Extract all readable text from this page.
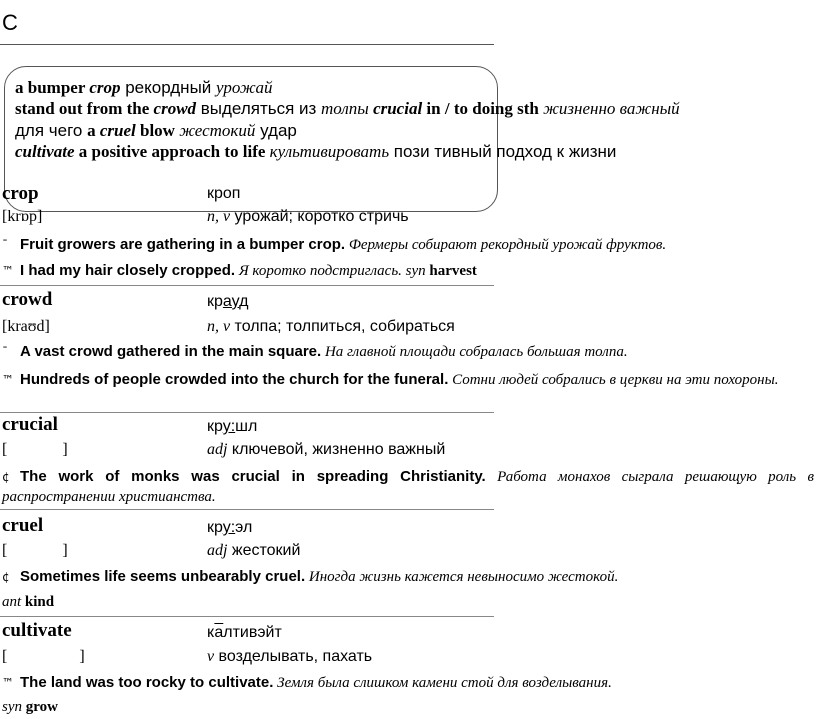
C
a bumper crop рекордный урожай
stand out from the crowd выделяться из толпы crucial in / to doing sth жизненно важный
для чего a cruel blow жестокий удар
cultivate a positive approach to life культивировать пози тивный подход к жизни
crop	кроп
[krɒp]	n, v урожай; коротко стричь
ˉ Fruit growers are gathering in a bumper crop. Фермеры собирают рекордный урожай фруктов.
™ I had my hair closely cropped. Я коротко подстриглась. syn harvest
crowd	крауд
[kraʊd]	n, v толпа; толпиться, собираться
ˉ A vast crowd gathered in the main square. На главной площади собралась большая толпа.
™ Hundreds of people crowded into the church for the funeral. Сотни людей собрались в церкви на эти похороны.
crucial	кру:шл
[	]	adj ключевой, жизненно важный
¢ The work of monks was crucial in spreading Christianity. Работа монахов сыграла решающую роль в распространении христианства.
cruel	кру:эл
[	]	adj жестокий
¢ Sometimes life seems unbearably cruel. Иногда жизнь кажется невыносимо жестокой.
ant kind
cultivate	калтивэйт
[	]	v возделывать, пахать
™ The land was too rocky to cultivate. Земля была слишком камени стой для возделывания.
syn grow
